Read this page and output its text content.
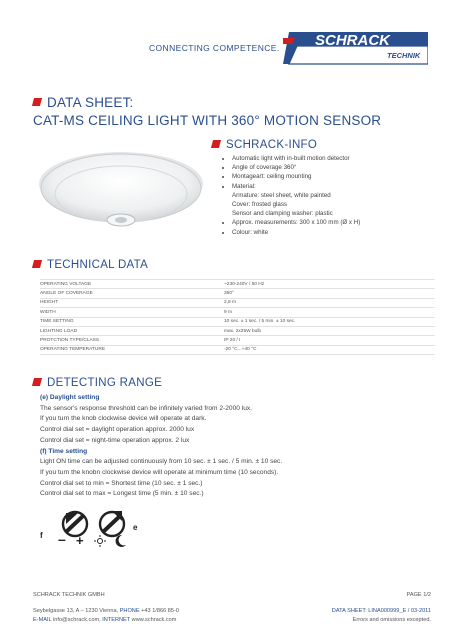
CONNECTING COMPETENCE. SCHRACK
TECHNIK
DATA SHEET:
CAT-MS CEILING LIGHT WITH 360° MOTION SENSOR
SCHRACK-INFO
• Automatic light with in-built motion detector
• Angle of coverage 360°
• Montageart: ceiling mounting
• Material:
Armature: steel sheet, white painted
Cover: frosted glass
Sensor and clamping washer: plastic
• Approx. measurements: 300 x 100 mm (Ø x H)
• Colour: white
TECHNICAL DATA
OPERATING VOLTAGE	~230-240V / 50 Hz
ANGLE OF COVERAGE	360°
HEIGHT	2,8 m
WIDTH	9 m
TIME SETTING	10 sec. ± 1 sec. / 5 min. ± 10 sec.
LIGHTING LOAD	max. 2x25W bulb
PROTCTION TYPE/CLASS	IP 20 / I
OPERATING TEMPERATURE	-20 °C...+40 °C
DETECTING RANGE
(e) Daylight setting
The sensor's response threshold can be infinitely varied from 2-2000 lux.
If you turn the knob clockwise device will operate at dark.
Control dial set = daylight operation approx. 2000 lux
Control dial set = night-time operation approx. 2 lux
(f) Time setting
Light ON time can be adjusted continuously from 10 sec. ± 1 sec. / 5 min. ± 10 sec.
If you turn the knobn clockwise device will operate at minimum time (10 seconds).
Control dial set to min = Shortest time (10 sec. ± 1 sec.)
Control dial set to max = Longest time (5 min. ± 10 sec.)
f – +
e
SCHRACK TECHNIK GMBH
Seybelgasse 13, A – 1230 Vienna, PHONE +43 1/866 85-0
E-MAIL info@schrack.com, INTERNET www.schrack.com
PAGE 1/2
DATA SHEET: LINA000999_E / 03-2011
Errors and omissions excepted.
